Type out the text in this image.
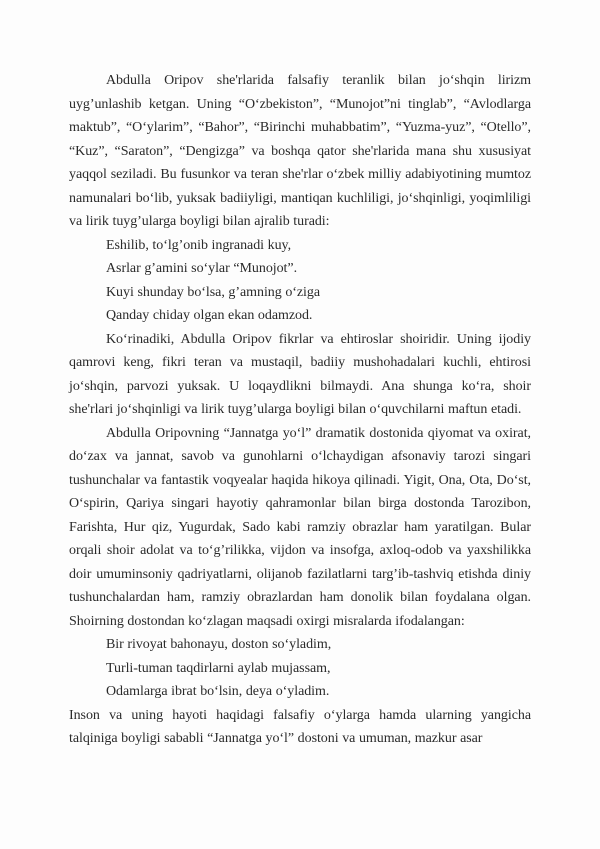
Abdulla Oripov she'rlarida falsafiy teranlik bilan jo‘shqin lirizm uyg’unlashib ketgan. Uning “O‘zbekiston”, “Munojot”ni tinglab”, “Avlodlarga maktub”, “O‘ylarim”, “Bahor”, “Birinchi muhabbatim”, “Yuzma-yuz”, “Otello”, “Kuz”, “Saraton”, “Dengizga” va boshqa qator she'rlarida mana shu xususiyat yaqqol seziladi. Bu fusunkor va teran she'rlar o‘zbek milliy adabiyotining mumtoz namunalari bo‘lib, yuksak badiiyligi, mantiqan kuchliligi, jo‘shqinligi, yoqimliligi va lirik tuyg’ularga boyligi bilan ajralib turadi:

Eshilib, to‘lg’onib ingranadi kuy,

Asrlar g’amini so‘ylar “Munojot”.

Kuyi shunday bo‘lsa, g’amning o‘ziga

Qanday chiday olgan ekan odamzod.

Ko‘rinadiki, Abdulla Oripov fikrlar va ehtiroslar shoiridir. Uning ijodiy qamrovi keng, fikri teran va mustaqil, badiiy mushohadalari kuchli, ehtirosi jo‘shqin, parvozi yuksak. U loqaydlikni bilmaydi. Ana shunga ko‘ra, shoir she'rlari jo‘shqinligi va lirik tuyg’ularga boyligi bilan o‘quvchilarni maftun etadi.

Abdulla Oripovning “Jannatga yo‘l” dramatik dostonida qiyomat va oxirat, do‘zax va jannat, savob va gunohlarni o‘lchaydigan afsonaviy tarozi singari tushunchalar va fantastik voqyealar haqida hikoya qilinadi. Yigit, Ona, Ota, Do‘st, O‘spirin, Qariya singari hayotiy qahramonlar bilan birga dostonda Tarozibon, Farishta, Hur qiz, Yugurdak, Sado kabi ramziy obrazlar ham yaratilgan. Bular orqali shoir adolat va to‘g’rilikka, vijdon va insofga, axloq-odob va yaxshilikka doir umuminsoniy qadriyatlarni, olijanob fazilatlarni targ’ib-tashviq etishda diniy tushunchalardan ham, ramziy obrazlardan ham donolik bilan foydalana olgan. Shoirning dostondan ko‘zlagan maqsadi oxirgi misralarda ifodalangan:

Bir rivoyat bahonayu, doston so‘yladim,

Turli-tuman taqdirlarni aylab mujassam,

Odamlarga ibrat bo‘lsin, deya o‘yladim.

Inson va uning hayoti haqidagi falsafiy o‘ylarga hamda ularning yangicha talqiniga boyligi sababli “Jannatga yo‘l” dostoni va umuman, mazkur asar
